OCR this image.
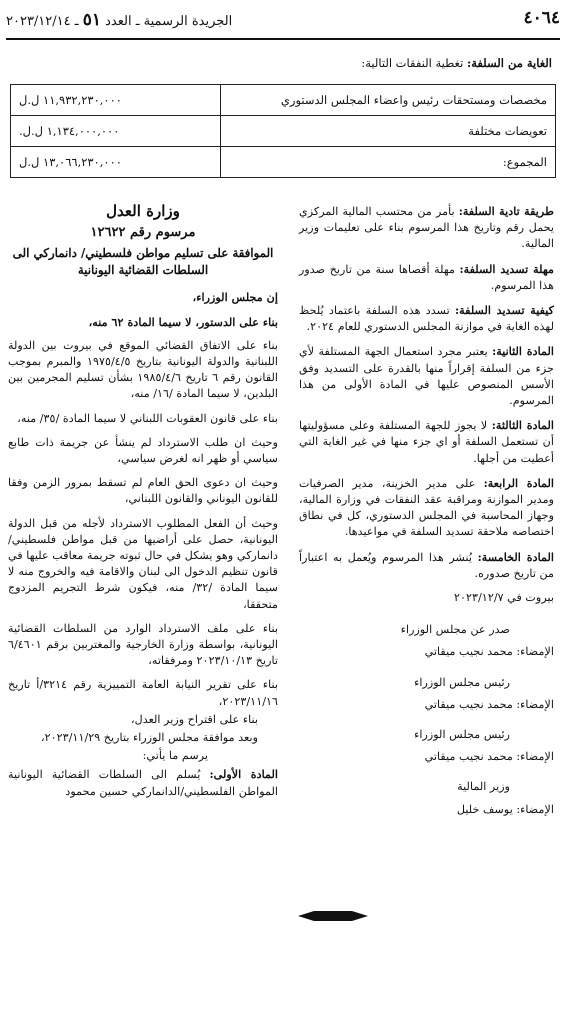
٤٠٦٤
الجريدة الرسمية ـ العدد ٥١ ـ ٢٠٢٣/١٢/١٤
الغاية من السلفة: تغطية النفقات التالية:
مخصصات ومستحقات رئيس واعضاء المجلس الدستوري	١١,٩٣٢,٢٣٠,٠٠٠ ل.ل
تعويضات مختلفة	١,١٣٤,٠٠٠,٠٠٠ ل.ل.
المجموع:	١٣,٠٦٦,٢٣٠,٠٠٠ ل.ل

طريقة تادية السلفة: بأمر من محتسب المالية المركزي يحمل رقم وتاريخ هذا المرسوم بناء على تعليمات وزير المالية.

مهلة تسديد السلفة: مهلة أقصاها سنة من تاريخ صدور هذا المرسوم.

كيفية تسديد السلفة: تسدد هذه السلفة باعتماد يُلحظ لهذه الغاية في موازنة المجلس الدستوري للعام ٢٠٢٤.

المادة الثانية: يعتبر مجرد استعمال الجهة المستلفة لأي جزء من السلفة إقراراً منها بالقدرة على التسديد وفق الأسس المنصوص عليها في المادة الأولى من هذا المرسوم.

المادة الثالثة: لا يجوز للجهة المستلفة وعلى مسؤوليتها أن تستعمل السلفة أو اي جزء منها في غير الغاية التي أعطيت من أجلها.

المادة الرابعة: على مدير الخزينة، مدير الصرفيات ومدير الموازنة ومراقبة عقد النفقات في وزارة المالية، وجهاز المحاسبة في المجلس الدستوري، كل في نطاق اختصاصه ملاحقة تسديد السلفة في مواعيدها.

المادة الخامسة: يُنشر هذا المرسوم ويُعمل به اعتباراً من تاريخ صدوره.

بيروت في ٢٠٢٣/١٢/٧

صدر عن مجلس الوزراء

الإمضاء: محمد نجيب ميقاتي

رئيس مجلس الوزراء

الإمضاء: محمد نجيب ميقاتي

رئيس مجلس الوزراء

الإمضاء: محمد نجيب ميقاتي

وزير المالية

الإمضاء: يوسف خليل

وزارة العدل
مرسوم رقم ١٢٦٢٢
الموافقة على تسليم مواطن فلسطيني/ دانماركي الى السلطات القضائية اليونانية

إن مجلس الوزراء،

بناء على الدستور، لا سيما المادة ٦٢ منه،

بناء على الاتفاق القضائي الموقع في بيروت بين الدولة اللبنانية والدولة اليونانية بتاريخ ١٩٧٥/٤/٥ والمبرم بموجب القانون رقم ٦ تاريخ ١٩٨٥/٤/٦ بشأن تسليم المجرمين بين البلدين، لا سيما المادة /١٦/ منه،

بناء على قانون العقوبات اللبناني لا سيما المادة /٣٥/ منه،

وحيث ان طلب الاسترداد لم ينشأ عن جريمة ذات طابع سياسي أو ظهر انه لغرض سياسي،

وحيث ان دعوى الحق العام لم تسقط بمرور الزمن وفقا للقانون اليوناني والقانون اللبناني،

وحيث أن الفعل المطلوب الاسترداد لأجله من قبل الدولة اليونانية، حصل على أراضيها من قبل مواطن فلسطيني/دانماركي وهو يشكل في حال ثبوته جريمة معاقب عليها في قانون تنظيم الدخول الى لبنان والاقامة فيه والخروج منه لا سيما المادة /٣٢/ منه، فيكون شرط التجريم المزدوج متحققا،

بناء على ملف الاسترداد الوارد من السلطات القضائية اليونانية، بواسطة وزارة الخارجية والمغتربين برقم ٦/٤٦٠١ تاريخ ٢٠٢٣/١٠/١٣ ومرفقاته،

بناء على تقرير النيابة العامة التمييزية رقم ٣٢١٤/أ تاريخ ٢٠٢٣/١١/١٦،

بناء على اقتراح وزير العدل،

وبعد موافقة مجلس الوزراء بتاريخ ٢٠٢٣/١١/٢٩،

يرسم ما يأتي:

المادة الأولى: يُسلم الى السلطات القضائية اليونانية المواطن الفلسطيني/الدانماركي حسين محمود
